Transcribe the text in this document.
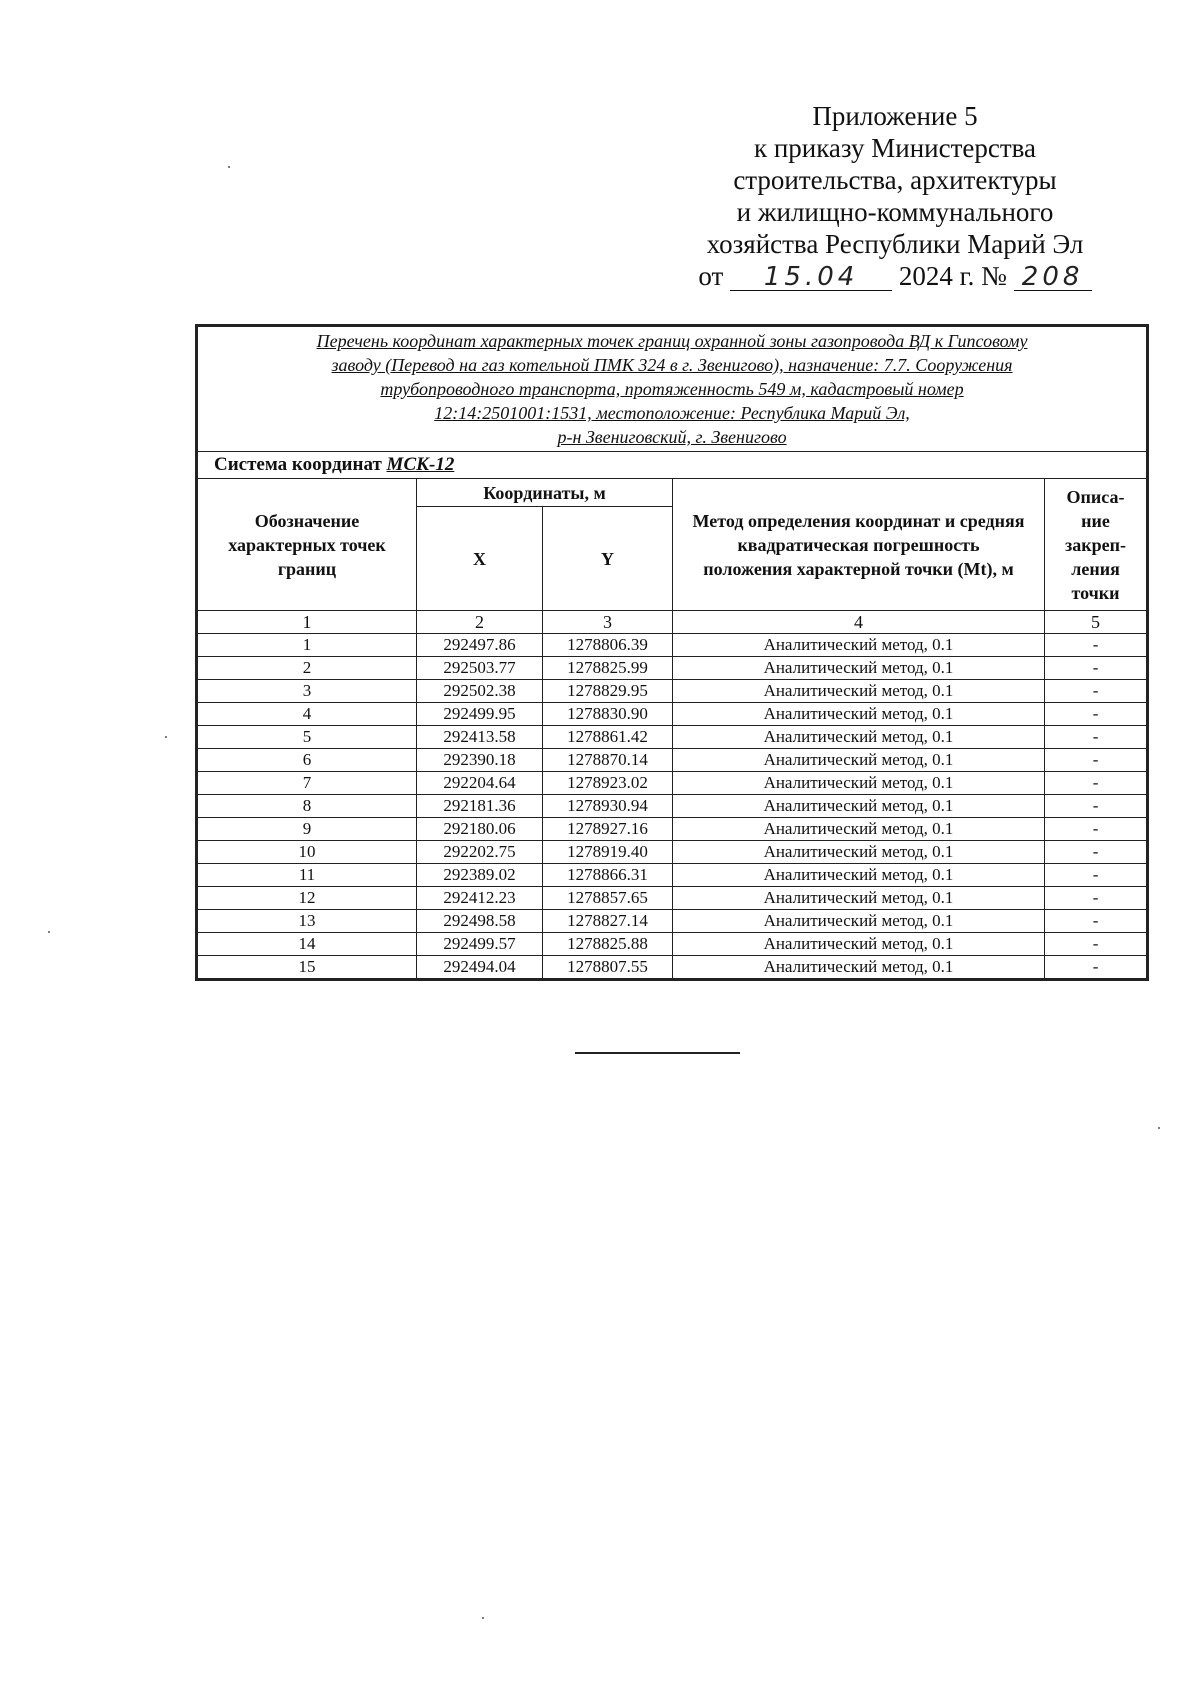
Приложение 5
к приказу Министерства
строительства, архитектуры
и жилищно-коммунального
хозяйства Республики Марий Эл
от 15.04 2024 г. № 208
Перечень координат характерных точек границ охранной зоны газопровода ВД к Гипсовому
заводу (Перевод на газ котельной ПМК 324 в г. Звенигово), назначение: 7.7. Сооружения
трубопроводного транспорта, протяженность 549 м, кадастровый номер
12:14:2501001:1531, местоположение: Республика Марий Эл,
р-н Звениговский, г. Звенигово				

Система координат МСК-12				
Обозначение характерных точек границ	Координаты, м		Метод определения координат и средняя квадратическая погрешность положения характерной точки (Mt), м	Описа-
ние
закреп-
ления
точки

	X	Y		
1	2	3	4	5
1	292497.86	1278806.39	Аналитический метод, 0.1	-
2	292503.77	1278825.99	Аналитический метод, 0.1	-
3	292502.38	1278829.95	Аналитический метод, 0.1	-
4	292499.95	1278830.90	Аналитический метод, 0.1	-
5	292413.58	1278861.42	Аналитический метод, 0.1	-
6	292390.18	1278870.14	Аналитический метод, 0.1	-
7	292204.64	1278923.02	Аналитический метод, 0.1	-
8	292181.36	1278930.94	Аналитический метод, 0.1	-
9	292180.06	1278927.16	Аналитический метод, 0.1	-
10	292202.75	1278919.40	Аналитический метод, 0.1	-
11	292389.02	1278866.31	Аналитический метод, 0.1	-
12	292412.23	1278857.65	Аналитический метод, 0.1	-
13	292498.58	1278827.14	Аналитический метод, 0.1	-
14	292499.57	1278825.88	Аналитический метод, 0.1	-
15	292494.04	1278807.55	Аналитический метод, 0.1	-
